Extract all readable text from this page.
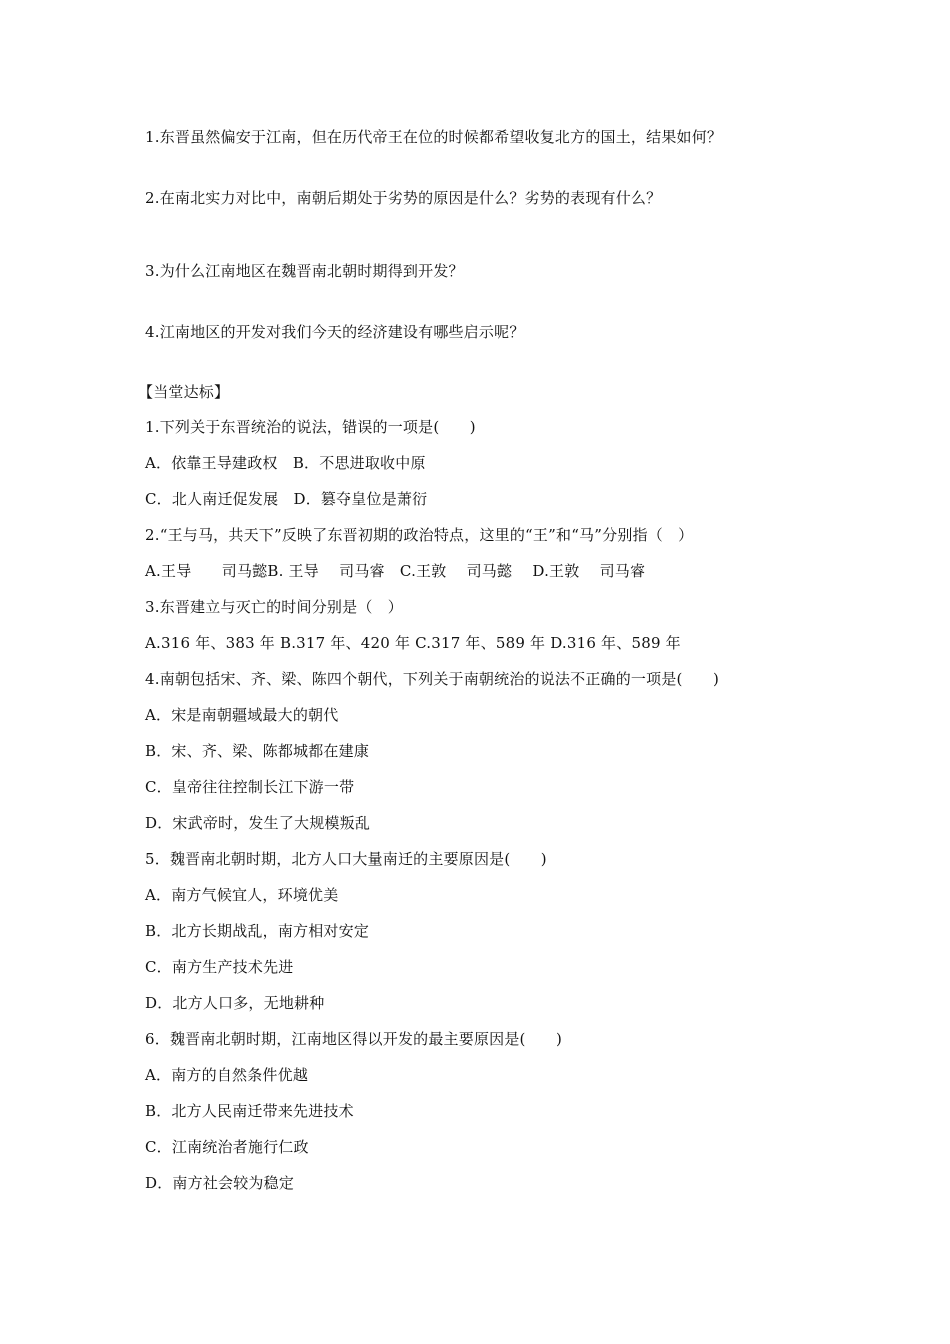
1.东晋虽然偏安于江南，但在历代帝王在位的时候都希望收复北方的国土，结果如何？
2.在南北实力对比中，南朝后期处于劣势的原因是什么？劣势的表现有什么？
3.为什么江南地区在魏晋南北朝时期得到开发？
4.江南地区的开发对我们今天的经济建设有哪些启示呢？
【当堂达标】
1.下列关于东晋统治的说法，错误的一项是(　　)
A．依靠王导建政权　B．不思进取收中原
C．北人南迁促发展　D．篡夺皇位是萧衍
2.“王与马，共天下”反映了东晋初期的政治特点，这里的“王”和“马”分别指（　）
A.王导　　司马懿B. 王导　 司马睿　C.王敦　 司马懿　 D.王敦　 司马睿
3.东晋建立与灭亡的时间分别是（　）
A.316 年、383 年 B.317 年、420 年 C.317 年、589 年 D.316 年、589 年
4.南朝包括宋、齐、梁、陈四个朝代，下列关于南朝统治的说法不正确的一项是(　　)
A．宋是南朝疆域最大的朝代
B．宋、齐、梁、陈都城都在建康
C．皇帝往往控制长江下游一带
D．宋武帝时，发生了大规模叛乱
5．魏晋南北朝时期，北方人口大量南迁的主要原因是(　　)
A．南方气候宜人，环境优美
B．北方长期战乱，南方相对安定
C．南方生产技术先进
D．北方人口多，无地耕种
6．魏晋南北朝时期，江南地区得以开发的最主要原因是(　　)
A．南方的自然条件优越
B．北方人民南迁带来先进技术
C．江南统治者施行仁政
D．南方社会较为稳定
